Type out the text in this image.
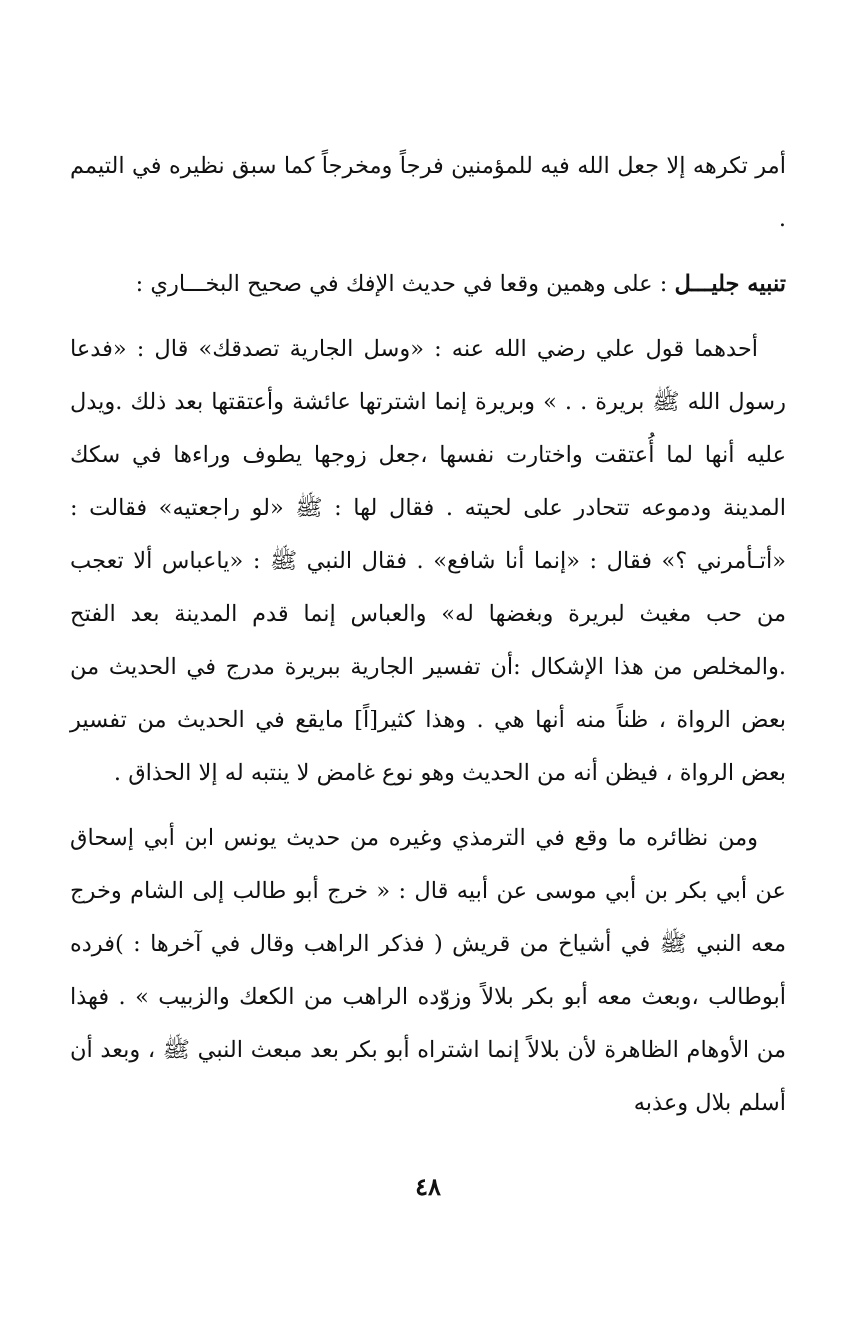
أمر تكرهه إلا جعل الله فيه للمؤمنين فرجاً ومخرجاً كما سبق نظيره في التيمم .

تنبيه جليـــل : على وهمين وقعا في حديث الإفك في صحيح البخـــاري :

أحدهما قول علي رضي الله عنه : «وسل الجارية تصدقك» قال : «فدعا رسول الله ﷺ بريرة . . » وبريرة إنما اشترتها عائشة وأعتقتها بعد ذلك .ويدل عليه أنها لما أُعتقت واختارت نفسها ،جعل زوجها يطوف وراءها في سكك المدينة ودموعه تتحادر على لحيته . فقال لها : ﷺ «لو راجعتيه» فقالت : «أتـأمرني ؟» فقال : «إنما أنا شافع» . فقال النبي ﷺ : «ياعباس ألا تعجب من حب مغيث لبريرة وبغضها له» والعباس إنما قدم المدينة بعد الفتح .والمخلص من هذا الإشكال :أن تفسير الجارية ببريرة مدرج في الحديث من بعض الرواة ، ظناً منه أنها هي . وهذا كثير[اً] مايقع في الحديث من تفسير بعض الرواة ، فيظن أنه من الحديث وهو نوع غامض لا ينتبه له إلا الحذاق .

ومن نظائره ما وقع في الترمذي وغيره من حديث يونس ابن أبي إسحاق عن أبي بكر بن أبي موسى عن أبيه قال : « خرج أبو طالب إلى الشام وخرج معه النبي ﷺ في أشياخ من قريش ( فذكر الراهب وقال في آخرها : )فرده أبوطالب ،وبعث معه أبو بكر بلالاً وزوّده الراهب من الكعك والزبيب » . فهذا من الأوهام الظاهرة لأن بلالاً إنما اشتراه أبو بكر بعد مبعث النبي ﷺ ، وبعد أن أسلم بلال وعذبه

٤٨
